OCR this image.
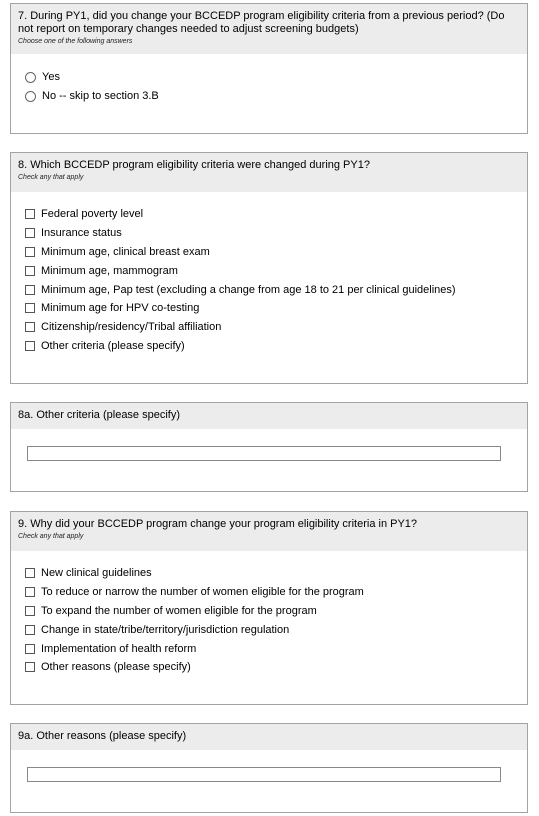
7. During PY1, did you change your BCCEDP program eligibility criteria from a previous period? (Do not report on temporary changes needed to adjust screening budgets)
Choose one of the following answers
Yes
No -- skip to section 3.B
8. Which BCCEDP program eligibility criteria were changed during PY1?
Check any that apply
Federal poverty level
Insurance status
Minimum age, clinical breast exam
Minimum age, mammogram
Minimum age, Pap test (excluding a change from age 18 to 21 per clinical guidelines)
Minimum age for HPV co-testing
Citizenship/residency/Tribal affiliation
Other criteria (please specify)
8a. Other criteria (please specify)
9. Why did your BCCEDP program change your program eligibility criteria in PY1?
Check any that apply
New clinical guidelines
To reduce or narrow the number of women eligible for the program
To expand the number of women eligible for the program
Change in state/tribe/territory/jurisdiction regulation
Implementation of health reform
Other reasons (please specify)
9a. Other reasons (please specify)
